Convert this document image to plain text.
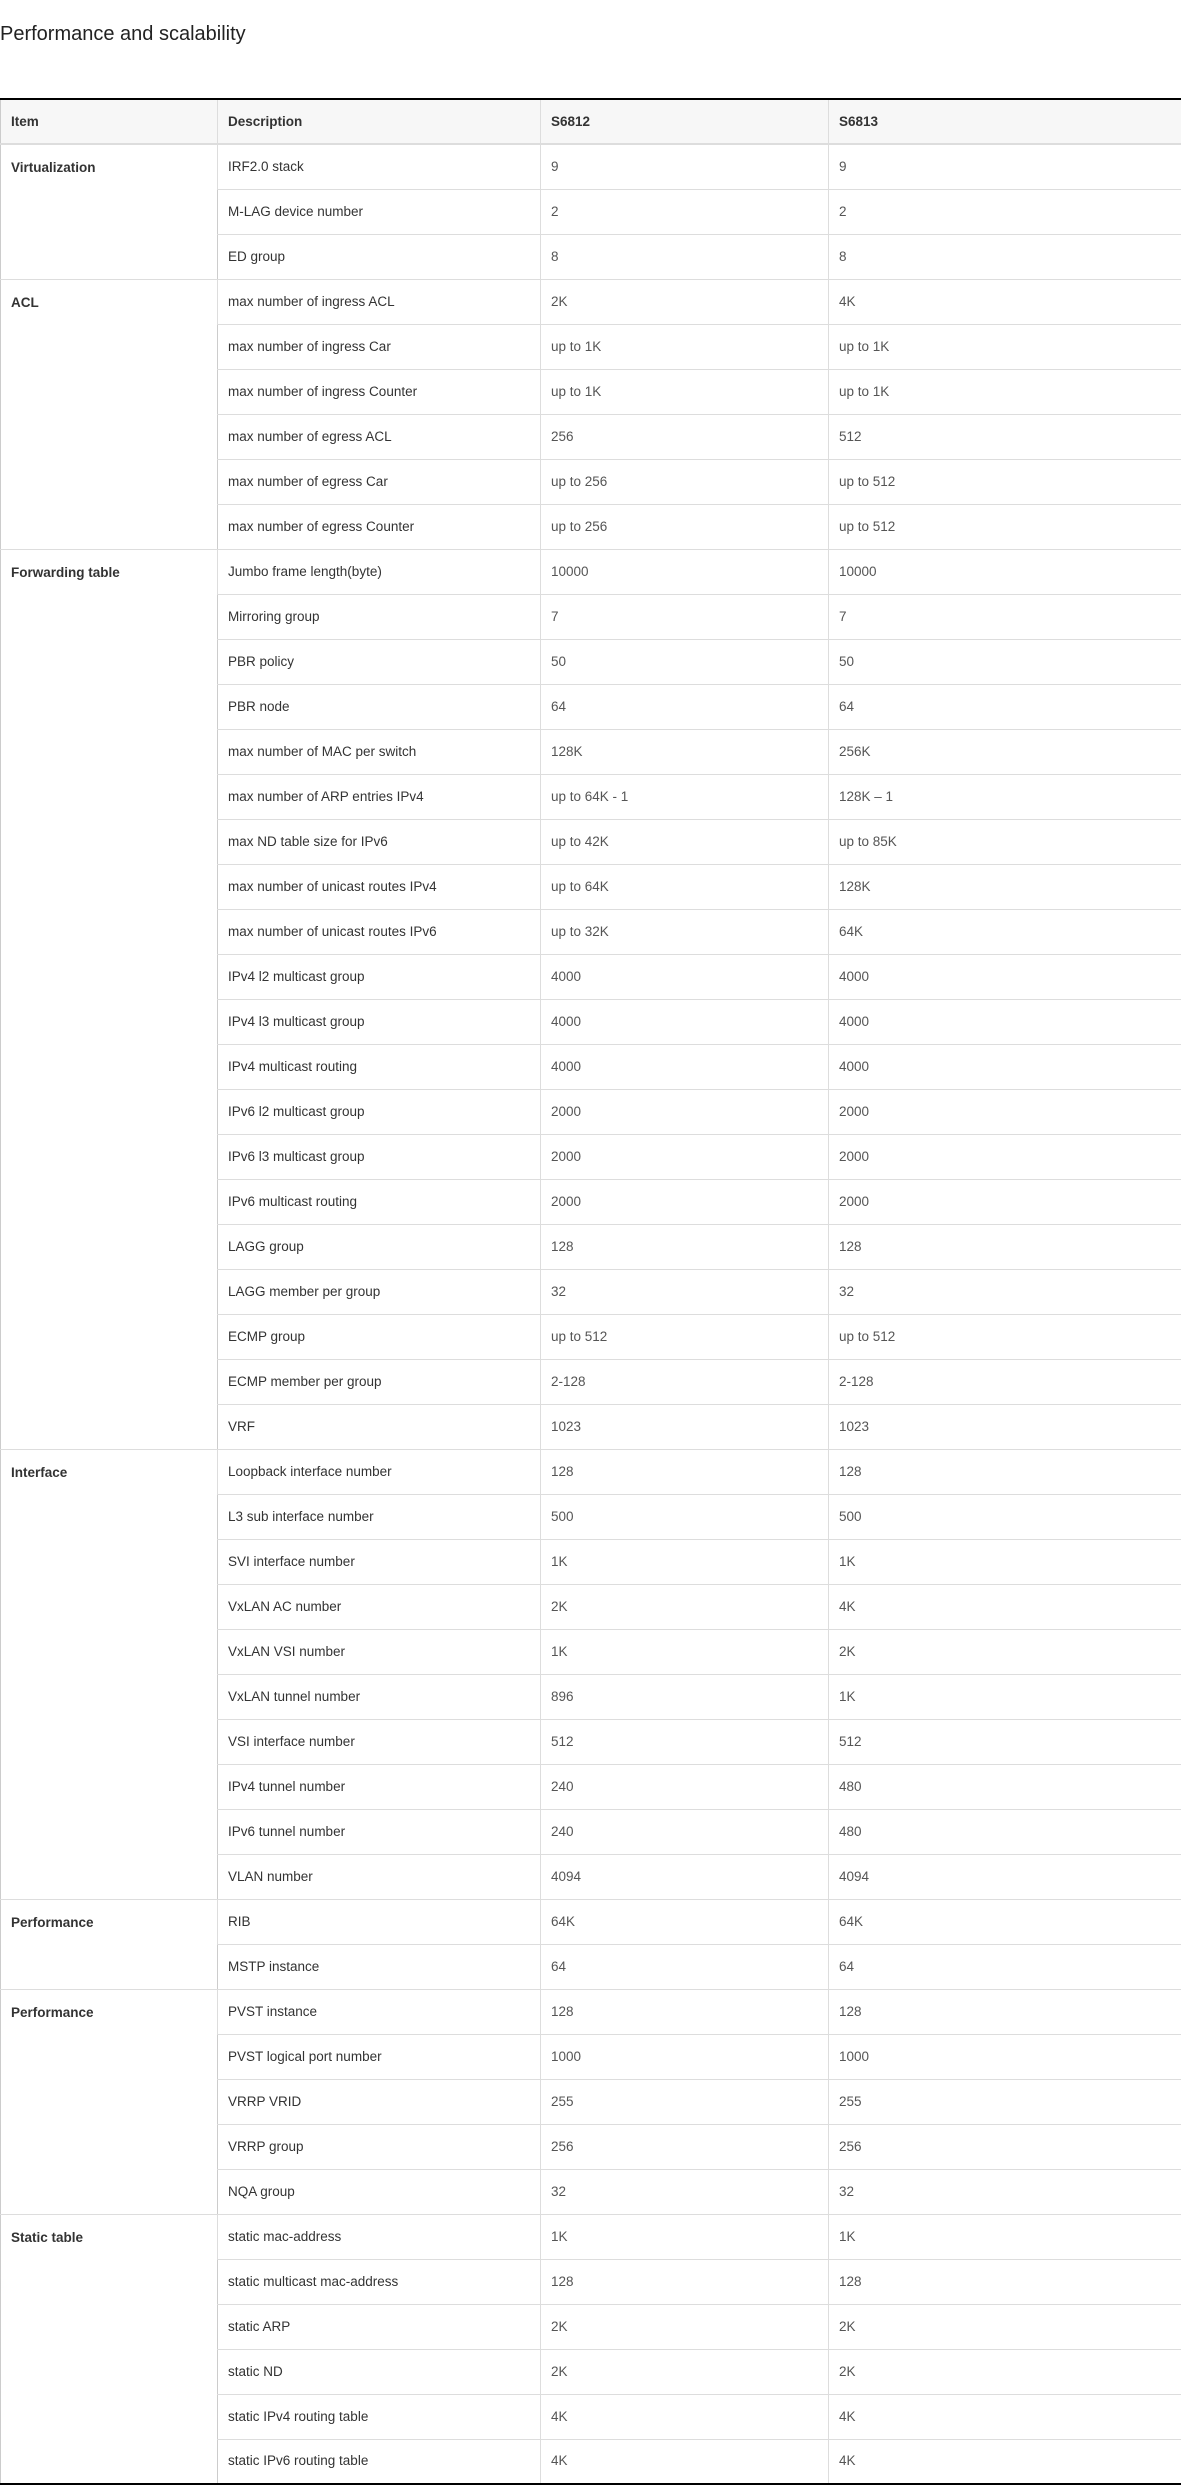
Performance and scalability
Item	Description	S6812	S6813
Virtualization	IRF2.0 stack	9	9
	M-LAG device number	2	2
	ED group	8	8
ACL	max number of ingress ACL	2K	4K
	max number of ingress Car	up to 1K	up to 1K
	max number of ingress Counter	up to 1K	up to 1K
	max number of egress ACL	256	512
	max number of egress Car	up to 256	up to 512
	max number of egress Counter	up to 256	up to 512
Forwarding table	Jumbo frame length(byte)	10000	10000
	Mirroring group	7	7
	PBR policy	50	50
	PBR node	64	64
	max number of MAC per switch	128K	256K
	max number of ARP entries IPv4	up to 64K - 1	128K – 1
	max ND table size for IPv6	up to 42K	up to 85K
	max number of unicast routes IPv4	up to 64K	128K
	max number of unicast routes IPv6	up to 32K	64K
	IPv4 l2 multicast group	4000	4000
	IPv4 l3 multicast group	4000	4000
	IPv4 multicast routing	4000	4000
	IPv6 l2 multicast group	2000	2000
	IPv6 l3 multicast group	2000	2000
	IPv6 multicast routing	2000	2000
	LAGG group	128	128
	LAGG member per group	32	32
	ECMP group	up to 512	up to 512
	ECMP member per group	2-128	2-128
	VRF	1023	1023
Interface	Loopback interface number	128	128
	L3 sub interface number	500	500
	SVI interface number	1K	1K
	VxLAN AC number	2K	4K
	VxLAN VSI number	1K	2K
	VxLAN tunnel number	896	1K
	VSI interface number	512	512
	IPv4 tunnel number	240	480
	IPv6 tunnel number	240	480
	VLAN number	4094	4094
Performance	RIB	64K	64K
	MSTP instance	64	64
Performance	PVST instance	128	128
	PVST logical port number	1000	1000
	VRRP VRID	255	255
	VRRP group	256	256
	NQA group	32	32
Static table	static mac-address	1K	1K
	static multicast mac-address	128	128
	static ARP	2K	2K
	static ND	2K	2K
	static IPv4 routing table	4K	4K
	static IPv6 routing table	4K	4K
